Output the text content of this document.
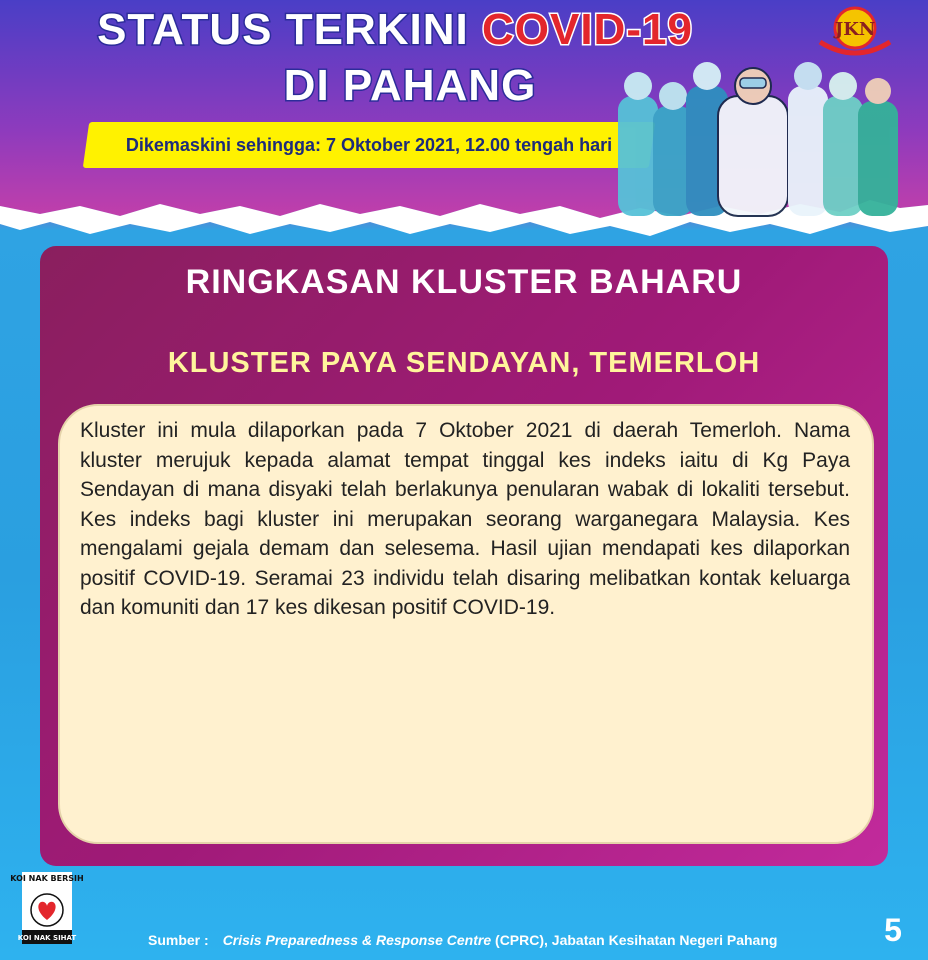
STATUS TERKINI COVID-19
DI PAHANG
Dikemaskini sehingga: 7 Oktober 2021, 12.00 tengah hari
JKN
RINGKASAN KLUSTER BAHARU
KLUSTER PAYA SENDAYAN, TEMERLOH
Kluster ini mula dilaporkan pada 7 Oktober 2021 di daerah Temerloh. Nama kluster merujuk kepada alamat tempat tinggal kes indeks iaitu di Kg Paya Sendayan di mana disyaki telah berlakunya penularan wabak di lokaliti tersebut. Kes indeks bagi kluster ini merupakan seorang warganegara Malaysia. Kes mengalami gejala demam dan selesema. Hasil ujian mendapati kes dilaporkan positif COVID-19. Seramai 23 individu telah disaring melibatkan kontak keluarga dan komuniti dan 17 kes dikesan positif COVID-19.
KOI NAK BERSIH
KOI NAK SIHAT	Sumber : Crisis Preparedness & Response Centre (CPRC), Jabatan Kesihatan Negeri Pahang	5
